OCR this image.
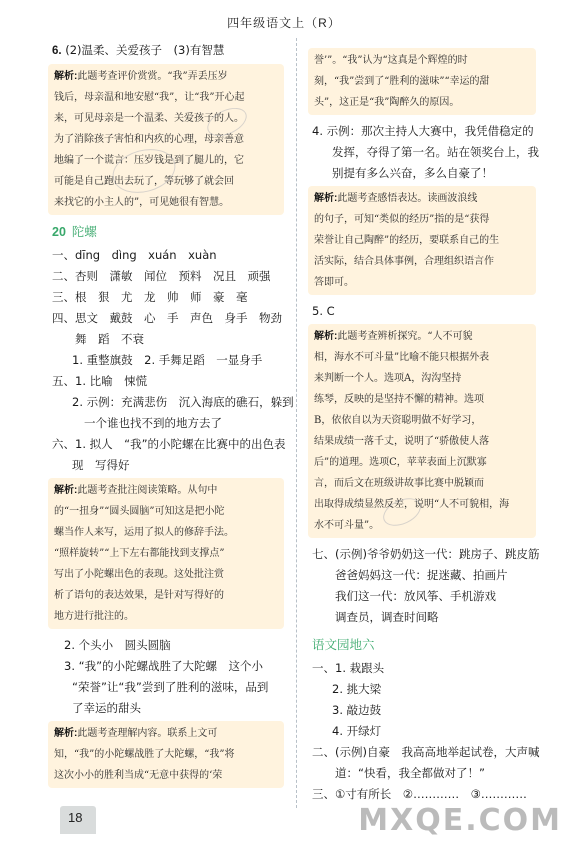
四年级语文上（R）

6. (2)温柔、关爱孩子　(3)有智慧

解析:此题考查评价赏赏。“我”弄丢压岁
钱后，母亲温和地安慰“我”，让“我”开心起
来，可见母亲是一个温柔、关爱孩子的人。
为了消除孩子害怕和内疚的心理，母亲善意
地编了一个谎言：压岁钱是到了腿儿的，它
可能是自己跑出去玩了，等玩够了就会回
来找它的小主人的”，可见她很有智慧。
20 陀螺

一、dīng　dìng　xuán　xuàn

二、杏则　潇敏　闻位　预料　况且　顽强

三、根　狠　尤　龙　帅　师　豪　毫

四、思文　戴鼓　心　手　声色　身手　物劲

　　舞　蹈　不衰

1. 重整旗鼓　2. 手舞足蹈　一显身手

五、1. 比喻　悚慌

2. 示例：充满悲伤　沉入海底的礁石，躲到

一个谁也找不到的地方去了

六、1. 拟人　“我”的小陀螺在比赛中的出色表

现　写得好

解析:此题考查批注阅读策略。从句中
的“一扭身”“圆头圆脑”可知这是把小陀
螺当作人来写，运用了拟人的修辞手法。
“照样旋转”“上下左右都能找到支撑点”
写出了小陀螺出色的表现。这处批注赏
析了语句的表达效果，是针对写得好的
地方进行批注的。

2. 个头小　圆头圆脑

3. “我”的小陀螺战胜了大陀螺　这个小

“荣誉”让“我”尝到了胜利的滋味，品到

了幸运的甜头

解析:此题考查理解内容。联系上文可
知，“我”的小陀螺战胜了大陀螺，“我”将
这次小小的胜利当成“无意中获得的‘荣
誉’”。“我”认为“这真是个辉煌的时
刻，“我”尝到了“胜利的滋味”“幸运的甜
头”，这正是“我”陶醉久的原因。

4. 示例：那次主持人大赛中，我凭借稳定的

发挥，夺得了第一名。站在领奖台上，我

别提有多么兴奋，多么自豪了！

解析:此题考查感悟表达。读画波浪线
的句子，可知“类似的经历”指的是“获得
荣誉让自己陶醉”的经历，要联系自己的生
活实际，结合具体事例，合理组织语言作
答即可。

5. C

解析:此题考查辨析探究。“人不可貌
相，海水不可斗量”比喻不能只根据外表
来判断一个人。选项A，沟沟坚持
练琴，反映的是坚持不懈的精神。选项
B，依依自以为天资聪明做不好学习，
结果成绩一落千丈，说明了“骄傲使人落
后”的道理。选项C，苹苹表面上沉默寡
言，而后文在班级讲故事比赛中脱颖而
出取得成绩显然反差，说明“人不可貌相，海
水不可斗量”。

七、(示例)爷爷奶奶这一代：跳房子、跳皮筋

　　爸爸妈妈这一代：捉迷藏、拍画片

　　我们这一代：放风筝、手机游戏

　　调查员，调查时间略

语文园地六

一、1. 栽跟头

2. 挑大梁

3. 敲边鼓

4. 开绿灯

二、(示例)自豪　我高高地举起试卷，大声喊

　　道：“快看，我全都做对了！”

三、①寸有所长　②…………　③…………

18	MXQE.COM
